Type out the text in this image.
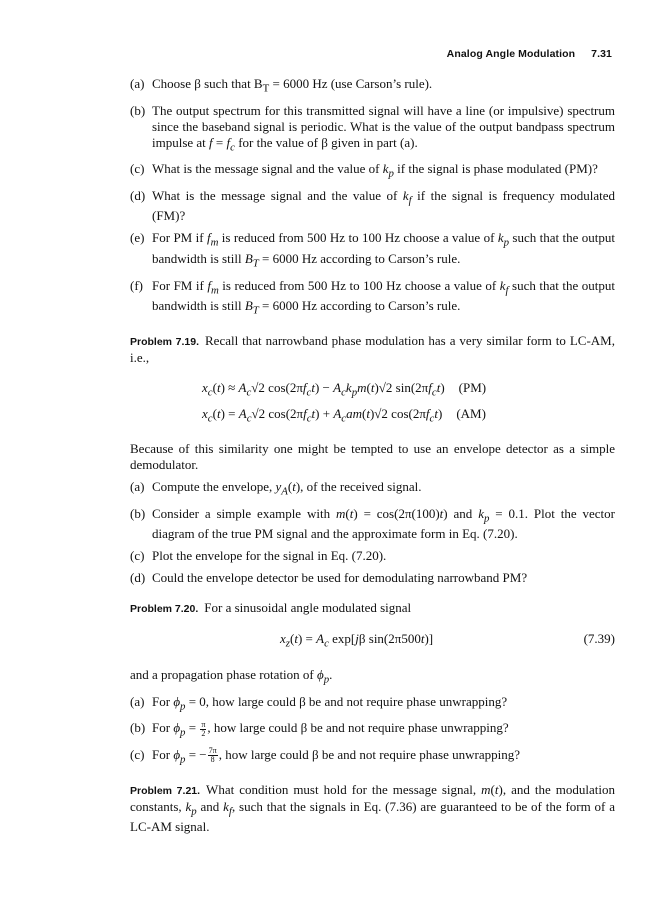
Analog Angle Modulation 7.31
(a) Choose β such that $B_T = 6000$ Hz (use Carson’s rule).
(b) The output spectrum for this transmitted signal will have a line (or impulsive) spectrum since the baseband signal is periodic. What is the value of the output bandpass spectrum impulse at $f = f_c$ for the value of β given in part (a).
(c) What is the message signal and the value of $k_p$ if the signal is phase modulated (PM)?
(d) What is the message signal and the value of $k_f$ if the signal is frequency modulated (FM)?
(e) For PM if $f_m$ is reduced from 500 Hz to 100 Hz choose a value of $k_p$ such that the output bandwidth is still $B_T = 6000$ Hz according to Carson’s rule.
(f) For FM if $f_m$ is reduced from 500 Hz to 100 Hz choose a value of $k_f$ such that the output bandwidth is still $B_T = 6000$ Hz according to Carson’s rule.
Problem 7.19. Recall that narrowband phase modulation has a very similar form to LC-AM, i.e.,
$x_c(t) \approx A_c√2$ $\cos(2\pi f_ct) - A_ck_pm(t)√2$ $\sin(2\pi f_ct)$ (PM)
$x_c(t) = A_c√2$ $\cos(2\pi f_ct) + A_cam(t)√2$ $\cos(2\pi f_ct)$ (AM)
Because of this similarity one might be tempted to use an envelope detector as a simple demodulator.
(a) Compute the envelope, $y_A(t)$, of the received signal.
(b) Consider a simple example with m(t) = cos(2π(100)t) and $k_p = 0.1$. Plot the vector diagram of the true PM signal and the approximate form in Eq. (7.20).
(c) Plot the envelope for the signal in Eq. (7.20).
(d) Could the envelope detector be used for demodulating narrowband PM?
Problem 7.20. For a sinusoidal angle modulated signal
$x_z(t) = A_c$ exp[jβ sin(2π500t)]	(7.39)
and a propagation phase rotation of $\phi_p$.
(a) For $\phi_p = 0$, how large could β be and not require phase unwrapping?
(b) For $\phi_p = \frac{\pi}{2}$ , how large could β be and not require phase unwrapping?
(c) For $\phi_p$ = − $\frac{7\pi}{8}$ , how large could β be and not require phase unwrapping?
Problem 7.21. What condition must hold for the message signal, m(t), and the modulation constants, $k_p$ and $k_f$, such that the signals in Eq. (7.36) are guaranteed to be of the form of a LC-AM signal.
